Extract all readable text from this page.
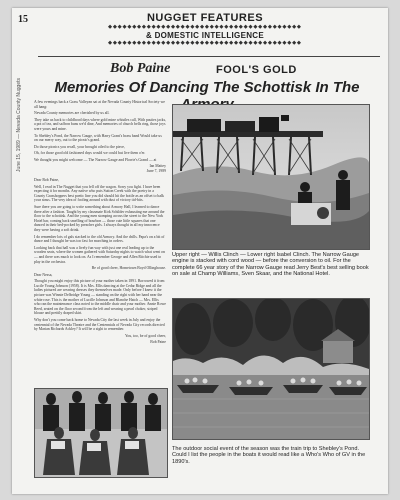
15
June 15, 1989 — Nevada County Nuggets
NUGGET FEATURES
◆◆◆◆◆◆◆◆◆◆◆◆◆◆◆◆◆◆◆◆◆◆◆◆◆◆◆◆◆◆◆◆◆◆◆◆◆◆◆◆
& DOMESTIC INTELLIGENCE
◆◆◆◆◆◆◆◆◆◆◆◆◆◆◆◆◆◆◆◆◆◆◆◆◆◆◆◆◆◆◆◆◆◆◆◆◆◆◆◆
Bob Paine	FOOL'S GOLD
Memories Of Dancing The Schottisk In The

A few evenings back a Grass Valleyan sat at the Nevada County Historical Society we all hang:

Nevada County memories are cherished by us all.

They take us back to childhood days where gold mine whistles call, With pasties jacks, a pot of tea, and saffron buns we'd dine, And memories of church bells ring, those joys were yours and mine.

To Shebley's Pond, the Narrow Gauge, with Harry Grant's brass band Would take us on our merry way, out to the picnic's grand.

Do those picnics you recall, your brought oiled to the piece,

Oh, for those good old fashioned days would we could but live them o'er.

We thought you might welcome — The Narrow Gauge and Florrie's Grand — at

Ian Mattey
June 7, 1989

Dear Bob Paine,

Well, I read in The Nugget that you fell off the wagon. Sorry you fight. I have been expecting it for months. Any native who puts Sutton Creek with the poetry in a County Grasshoppers best poetic line you did should hit the bottle as an offset to balk your sinus. The very idea of fooling around with dust of victory tid-bits.

Sure there you are going to write something about Armory Hall, I learned to dance there after a fashion. Taught by my classmate Kirk Schilder exhausting me around the floor to the schottisk. And the young men stomping across the street to the New York Hotel bar, coming back smelling of bourbon — those cute little squares that one danced in their bed-pocked by preacher girls. I always thought in all my innocence they were having a soft drink.

I do remember lots of gals stacked to the old Armory. And the drills. Papa's on a bit of dance and I thought he was too fast for marching in orders.

Looking back that hall was a lively fun way with just one real leading up to the wooden seats, where the women gathered with Saturday nights to watch what went on — and there was much to look on. As I remember George and Allen Ritchie used to play in the orchestra.

Be of good cheer, Hometown Boyd Ollinghouse.

Dear Nessa,

Thought you might enjoy this picture of your mother taken in 1891. Borrowed it from Lucile Young Johnson (1958). It is Mrs. Ellis dancing at the Cedar Ridge and all the ladies pictured are wearing dresses they themselves made. Only before I knew it the picture was Winnie Delbridge Young — standing on the right with her hand near the white rose. This is the mother of Lucille Johnson and Blanche Hatch — Mrs. Ellis who ran the maintenance class noted to the middle chair and your mother. Annie Rowe Reed, seated on the floor second from the left and wearing a pearl choker, striped blouse and prettily draped skirt.

Why don't you come back home to Nevada City the last week in July and enjoy the centennial of the Nevada Theatre and the Centennials of Nevada City records directed by Marian Richards Ackley? It will be a sight to remember.

You, too, be of good cheer,

Bob Paine

Upper right — Willis Clinch — Lower right Isabel Clinch. The Narrow Gauge engine is stacked with cord wood — before the conversion to oil. For the complete 66 year story of the Narrow Gauge read Jerry Best's best selling book on sale at Champ Williams, Sven Skaar, and the National Hotel.
The outdoor social event of the season was the train trip to Shebley's Pond. Could I list the people in the boats it would read like a Who's Who of GV in the 1890's.
